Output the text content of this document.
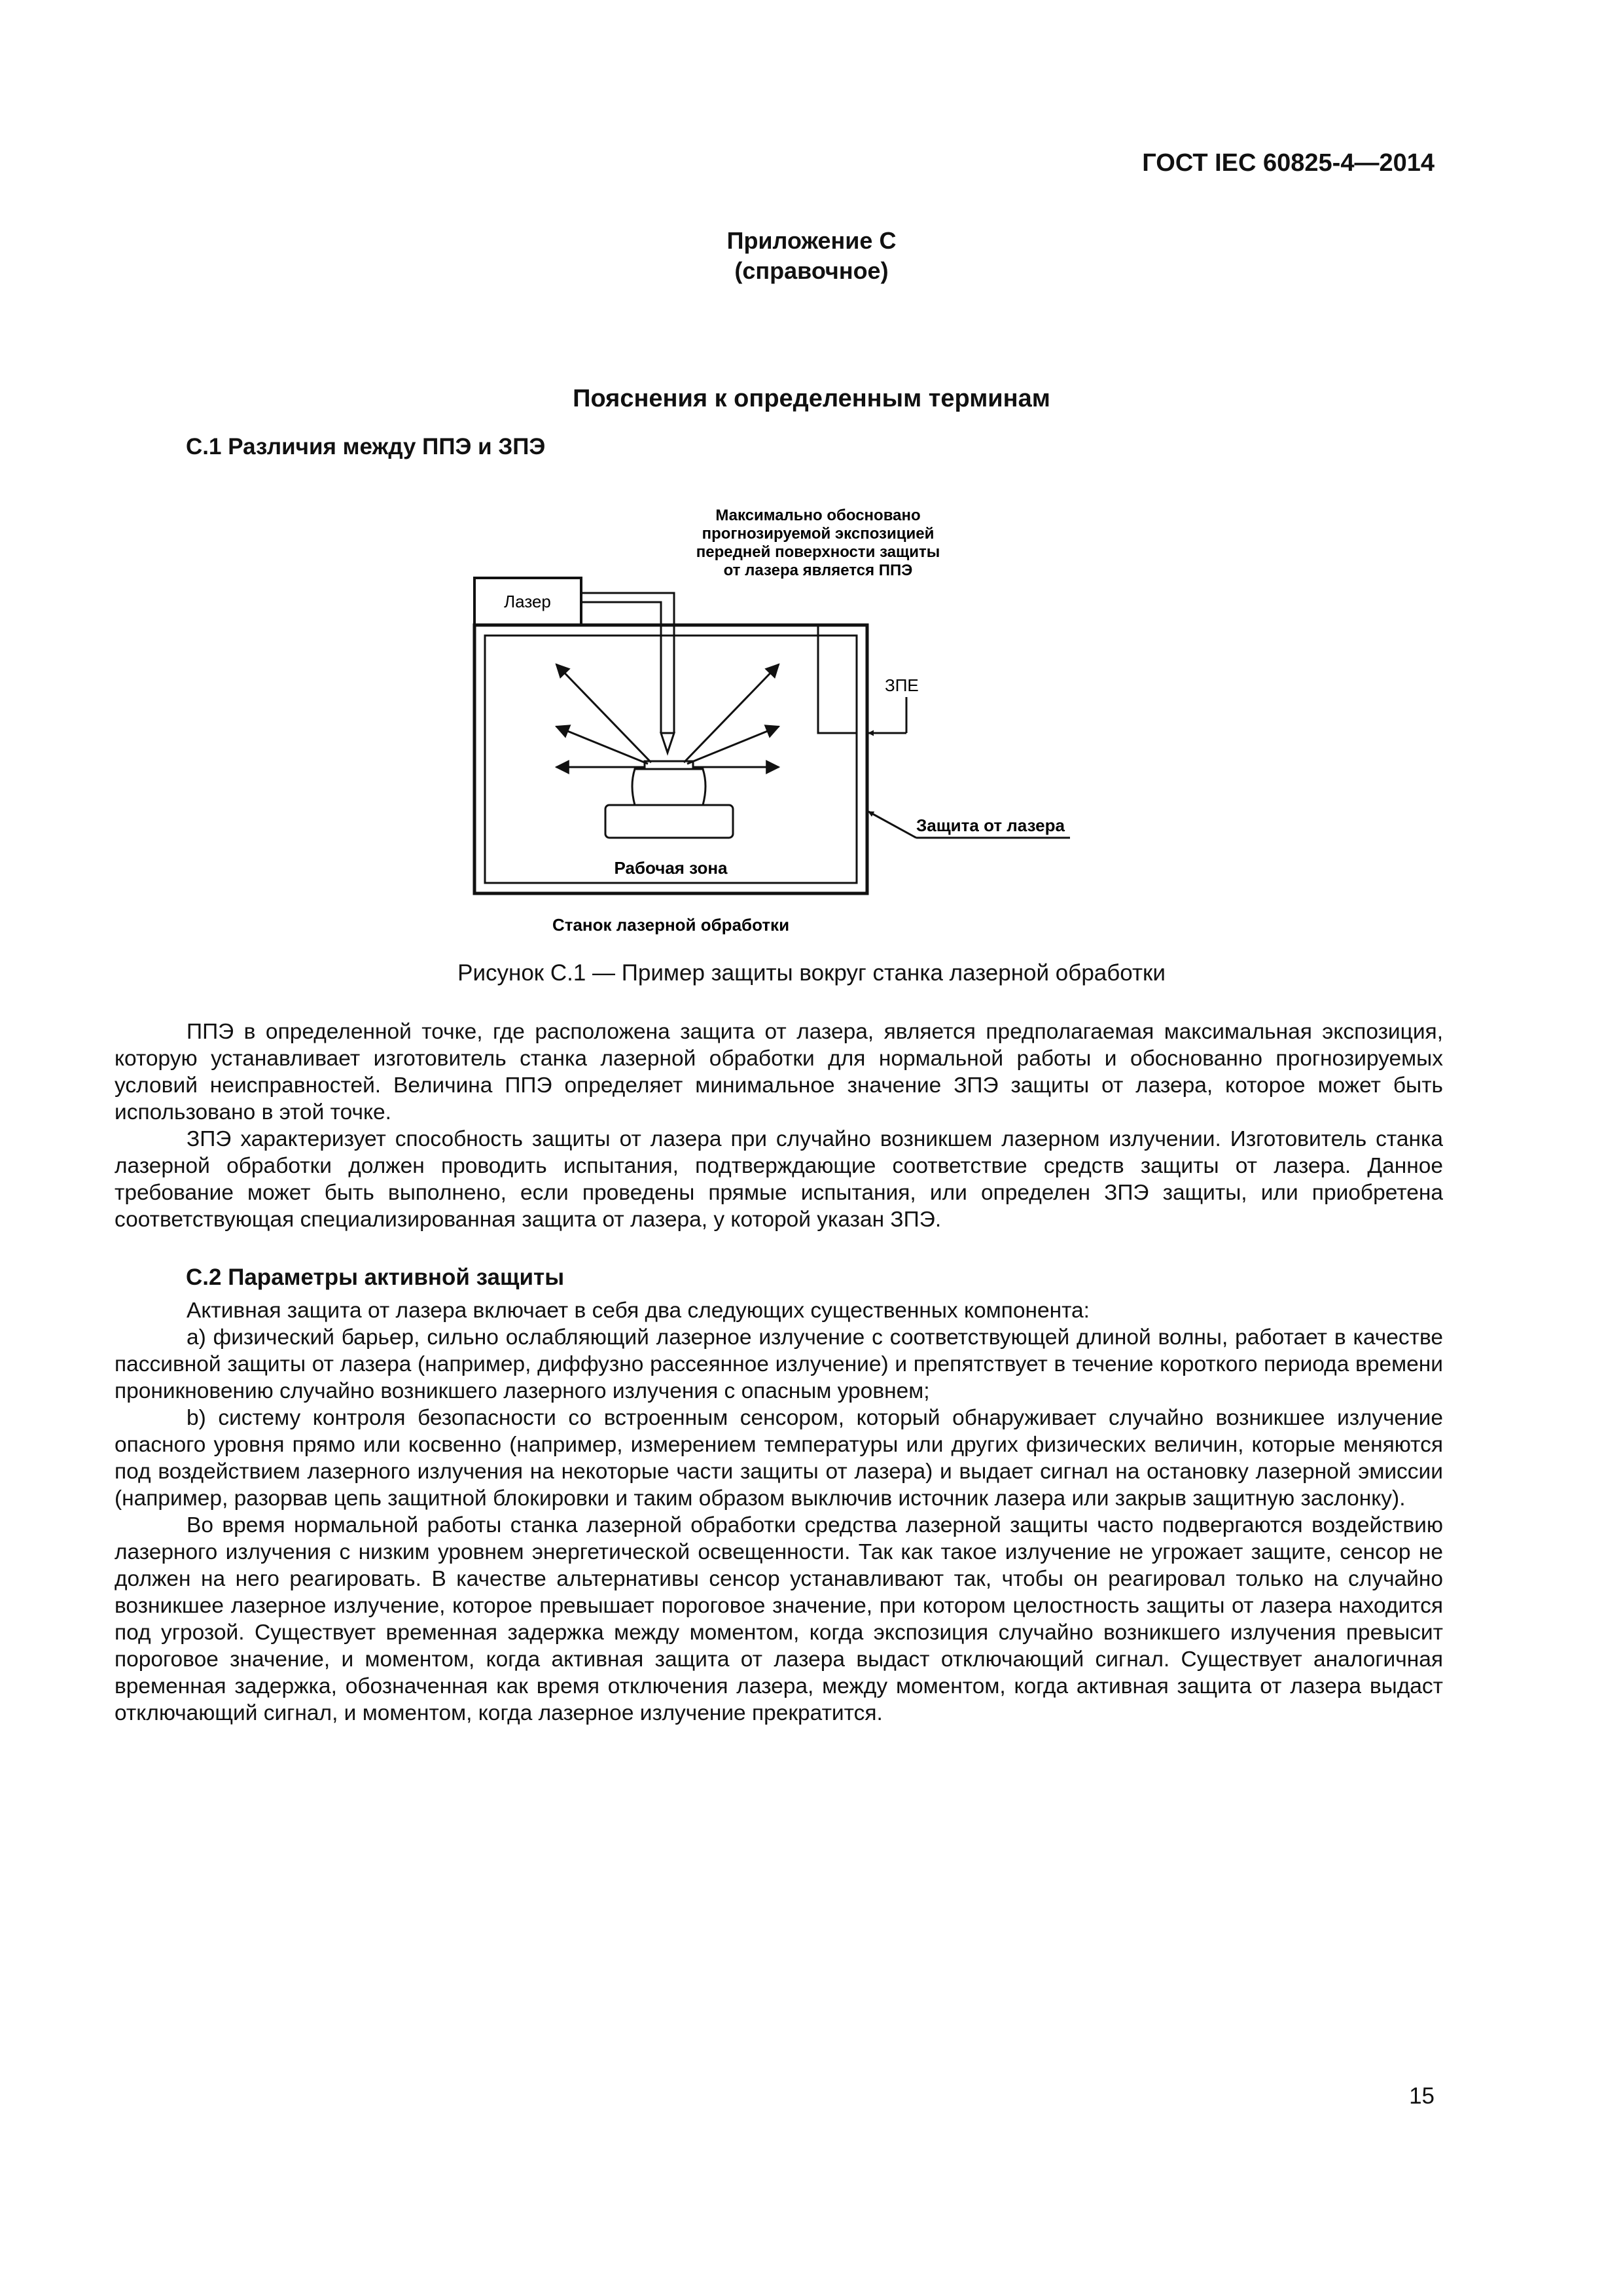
ГОСТ IEC 60825-4—2014
Приложение С
(справочное)
Пояснения к определенным терминам
С.1 Различия между ППЭ и ЗПЭ
Максимально обосновано
прогнозируемой экспозицией
передней поверхности защиты
от лазера является ППЭ
Лазер
ЗПЕ
Защита от лазера
Рабочая зона
Станок лазерной обработки
Рисунок С.1 — Пример защиты вокруг станка лазерной обработки

ППЭ в определенной точке, где расположена защита от лазера, является предполагаемая максимальная экспозиция, которую устанавливает изготовитель станка лазерной обработки для нормальной работы и обоснованно прогнозируемых условий неисправностей. Величина ППЭ определяет минимальное значение ЗПЭ защиты от лазера, которое может быть использовано в этой точке.

ЗПЭ характеризует способность защиты от лазера при случайно возникшем лазерном излучении. Изготовитель станка лазерной обработки должен проводить испытания, подтверждающие соответствие средств защиты от лазера. Данное требование может быть выполнено, если проведены прямые испытания, или определен ЗПЭ защиты, или приобретена соответствующая специализированная защита от лазера, у которой указан ЗПЭ.

С.2 Параметры активной защиты

Активная защита от лазера включает в себя два следующих существенных компонента:

a) физический барьер, сильно ослабляющий лазерное излучение с соответствующей длиной волны, работает в качестве пассивной защиты от лазера (например, диффузно рассеянное излучение) и препятствует в течение короткого периода времени проникновению случайно возникшего лазерного излучения с опасным уровнем;

b) систему контроля безопасности со встроенным сенсором, который обнаруживает случайно возникшее излучение опасного уровня прямо или косвенно (например, измерением температуры или других физических величин, которые меняются под воздействием лазерного излучения на некоторые части защиты от лазера) и выдает сигнал на остановку лазерной эмиссии (например, разорвав цепь защитной блокировки и таким образом выключив источник лазера или закрыв защитную заслонку).

Во время нормальной работы станка лазерной обработки средства лазерной защиты часто подвергаются воздействию лазерного излучения с низким уровнем энергетической освещенности. Так как такое излучение не угрожает защите, сенсор не должен на него реагировать. В качестве альтернативы сенсор устанавливают так, чтобы он реагировал только на случайно возникшее лазерное излучение, которое превышает пороговое значение, при котором целостность защиты от лазера находится под угрозой. Существует временная задержка между моментом, когда экспозиция случайно возникшего излучения превысит пороговое значение, и моментом, когда активная защита от лазера выдаст отключающий сигнал. Существует аналогичная временная задержка, обозначенная как время отключения лазера, между моментом, когда активная защита от лазера выдаст отключающий сигнал, и моментом, когда лазерное излучение прекратится.

15
